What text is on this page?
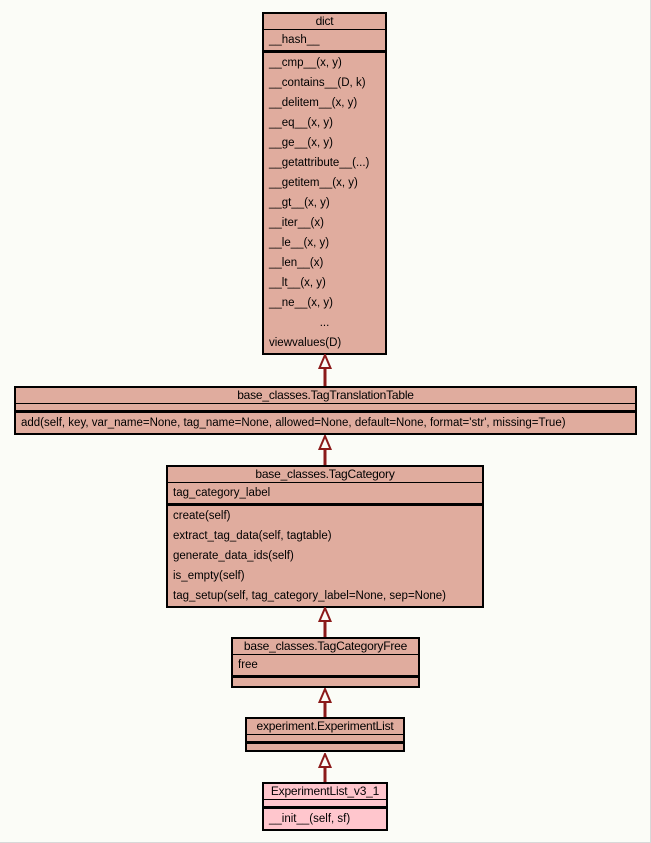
dict
__hash__
__cmp__(x, y)
__contains__(D, k)
__delitem__(x, y)
__eq__(x, y)
__ge__(x, y)
__getattribute__(...)
__getitem__(x, y)
__gt__(x, y)
__iter__(x)
__le__(x, y)
__len__(x)
__lt__(x, y)
__ne__(x, y)
...
viewvalues(D)
base_classes.TagTranslationTable
add(self, key, var_name=None, tag_name=None, allowed=None, default=None, format='str', missing=True)
base_classes.TagCategory
tag_category_label
create(self)
extract_tag_data(self, tagtable)
generate_data_ids(self)
is_empty(self)
tag_setup(self, tag_category_label=None, sep=None)
base_classes.TagCategoryFree
free
experiment.ExperimentList
ExperimentList_v3_1
__init__(self, sf)
